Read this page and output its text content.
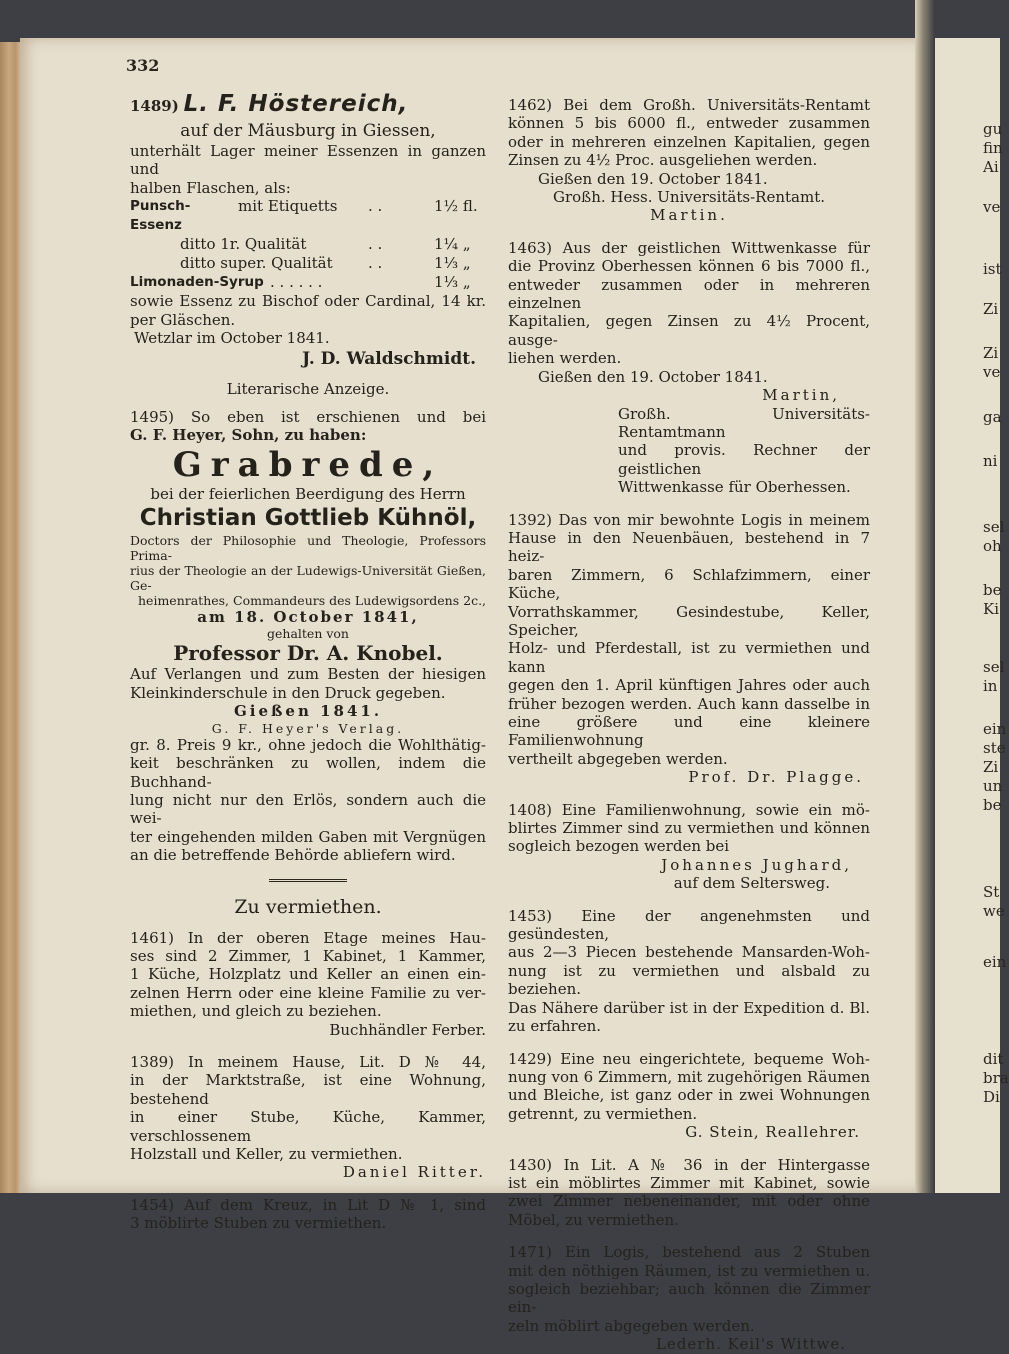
332
gu
fin
Ai
ve
ist
Zi
Zi
ve
ga
ni
sel
oh
be
Ki
sel
in
ein
ste
Zi
un
be
St
we
ein
dit
bra
Di
1489) L. F. Höstereich,
auf der Mäusburg in Giessen,
unterhält Lager meiner Essenzen in ganzen und
halben Flaschen, als:
Punsch-Essenz
mit Etiquetts	. .	1½ fl.
ditto 1r. Qualität	. .	1¼ „
ditto super. Qualität	. .	1⅓ „
Limonaden-Syrup . . . . . .	1⅓ „
sowie Essenz zu Bischof oder Cardinal, 14 kr.
per Gläschen.
Wetzlar im October 1841.
J. D. Waldschmidt.
Literarische Anzeige.
1495) So eben ist erschienen und bei
G. F. Heyer, Sohn, zu haben:
Grabrede,
bei der feierlichen Beerdigung des Herrn
Christian Gottlieb Kühnöl,
Doctors der Philosophie und Theologie, Professors Prima-
rius der Theologie an der Ludewigs-Universität Gießen, Ge-
heimenrathes, Commandeurs des Ludewigsordens 2c.,
am 18. October 1841,
gehalten von
Professor Dr. A. Knobel.
Auf Verlangen und zum Besten der hiesigen
Kleinkinderschule in den Druck gegeben.
Gießen 1841.
G. F. Heyer's Verlag.
gr. 8. Preis 9 kr., ohne jedoch die Wohlthätig-
keit beschränken zu wollen, indem die Buchhand-
lung nicht nur den Erlös, sondern auch die wei-
ter eingehenden milden Gaben mit Vergnügen
an die betreffende Behörde abliefern wird.
Zu vermiethen.
1461) In der oberen Etage meines Hau-
ses sind 2 Zimmer, 1 Kabinet, 1 Kammer,
1 Küche, Holzplatz und Keller an einen ein-
zelnen Herrn oder eine kleine Familie zu ver-
miethen, und gleich zu beziehen.
Buchhändler Ferber.
1389) In meinem Hause, Lit. D № 44,
in der Marktstraße, ist eine Wohnung, bestehend
in einer Stube, Küche, Kammer, verschlossenem
Holzstall und Keller, zu vermiethen.
Daniel Ritter.
1454) Auf dem Kreuz, in Lit D № 1, sind
3 möblirte Stuben zu vermiethen.
1462) Bei dem Großh. Universitäts-Rentamt
können 5 bis 6000 fl., entweder zusammen
oder in mehreren einzelnen Kapitalien, gegen
Zinsen zu 4½ Proc. ausgeliehen werden.
Gießen den 19. October 1841.
Großh. Hess. Universitäts-Rentamt.
Martin.
1463) Aus der geistlichen Wittwenkasse für
die Provinz Oberhessen können 6 bis 7000 fl.,
entweder zusammen oder in mehreren einzelnen
Kapitalien, gegen Zinsen zu 4½ Procent, ausge-
liehen werden.
Gießen den 19. October 1841.
Martin,
Großh. Universitäts-Rentamtmann
und provis. Rechner der geistlichen
Wittwenkasse für Oberhessen.
1392) Das von mir bewohnte Logis in meinem
Hause in den Neuenbäuen, bestehend in 7 heiz-
baren Zimmern, 6 Schlafzimmern, einer Küche,
Vorrathskammer, Gesindestube, Keller, Speicher,
Holz- und Pferdestall, ist zu vermiethen und kann
gegen den 1. April künftigen Jahres oder auch
früher bezogen werden. Auch kann dasselbe in
eine größere und eine kleinere Familienwohnung
vertheilt abgegeben werden.
Prof. Dr. Plagge.
1408) Eine Familienwohnung, sowie ein mö-
blirtes Zimmer sind zu vermiethen und können
sogleich bezogen werden bei
Johannes Jughard,
auf dem Seltersweg.
1453) Eine der angenehmsten und gesündesten,
aus 2—3 Piecen bestehende Mansarden-Woh-
nung ist zu vermiethen und alsbald zu beziehen.
Das Nähere darüber ist in der Expedition d. Bl.
zu erfahren.
1429) Eine neu eingerichtete, bequeme Woh-
nung von 6 Zimmern, mit zugehörigen Räumen
und Bleiche, ist ganz oder in zwei Wohnungen
getrennt, zu vermiethen.
G. Stein, Reallehrer.
1430) In Lit. A № 36 in der Hintergasse
ist ein möblirtes Zimmer mit Kabinet, sowie
zwei Zimmer nebeneinander, mit oder ohne
Möbel, zu vermiethen.
1471) Ein Logis, bestehend aus 2 Stuben
mit den nöthigen Räumen, ist zu vermiethen u.
sogleich beziehbar; auch können die Zimmer ein-
zeln möblirt abgegeben werden.
Lederh. Keil's Wittwe.
